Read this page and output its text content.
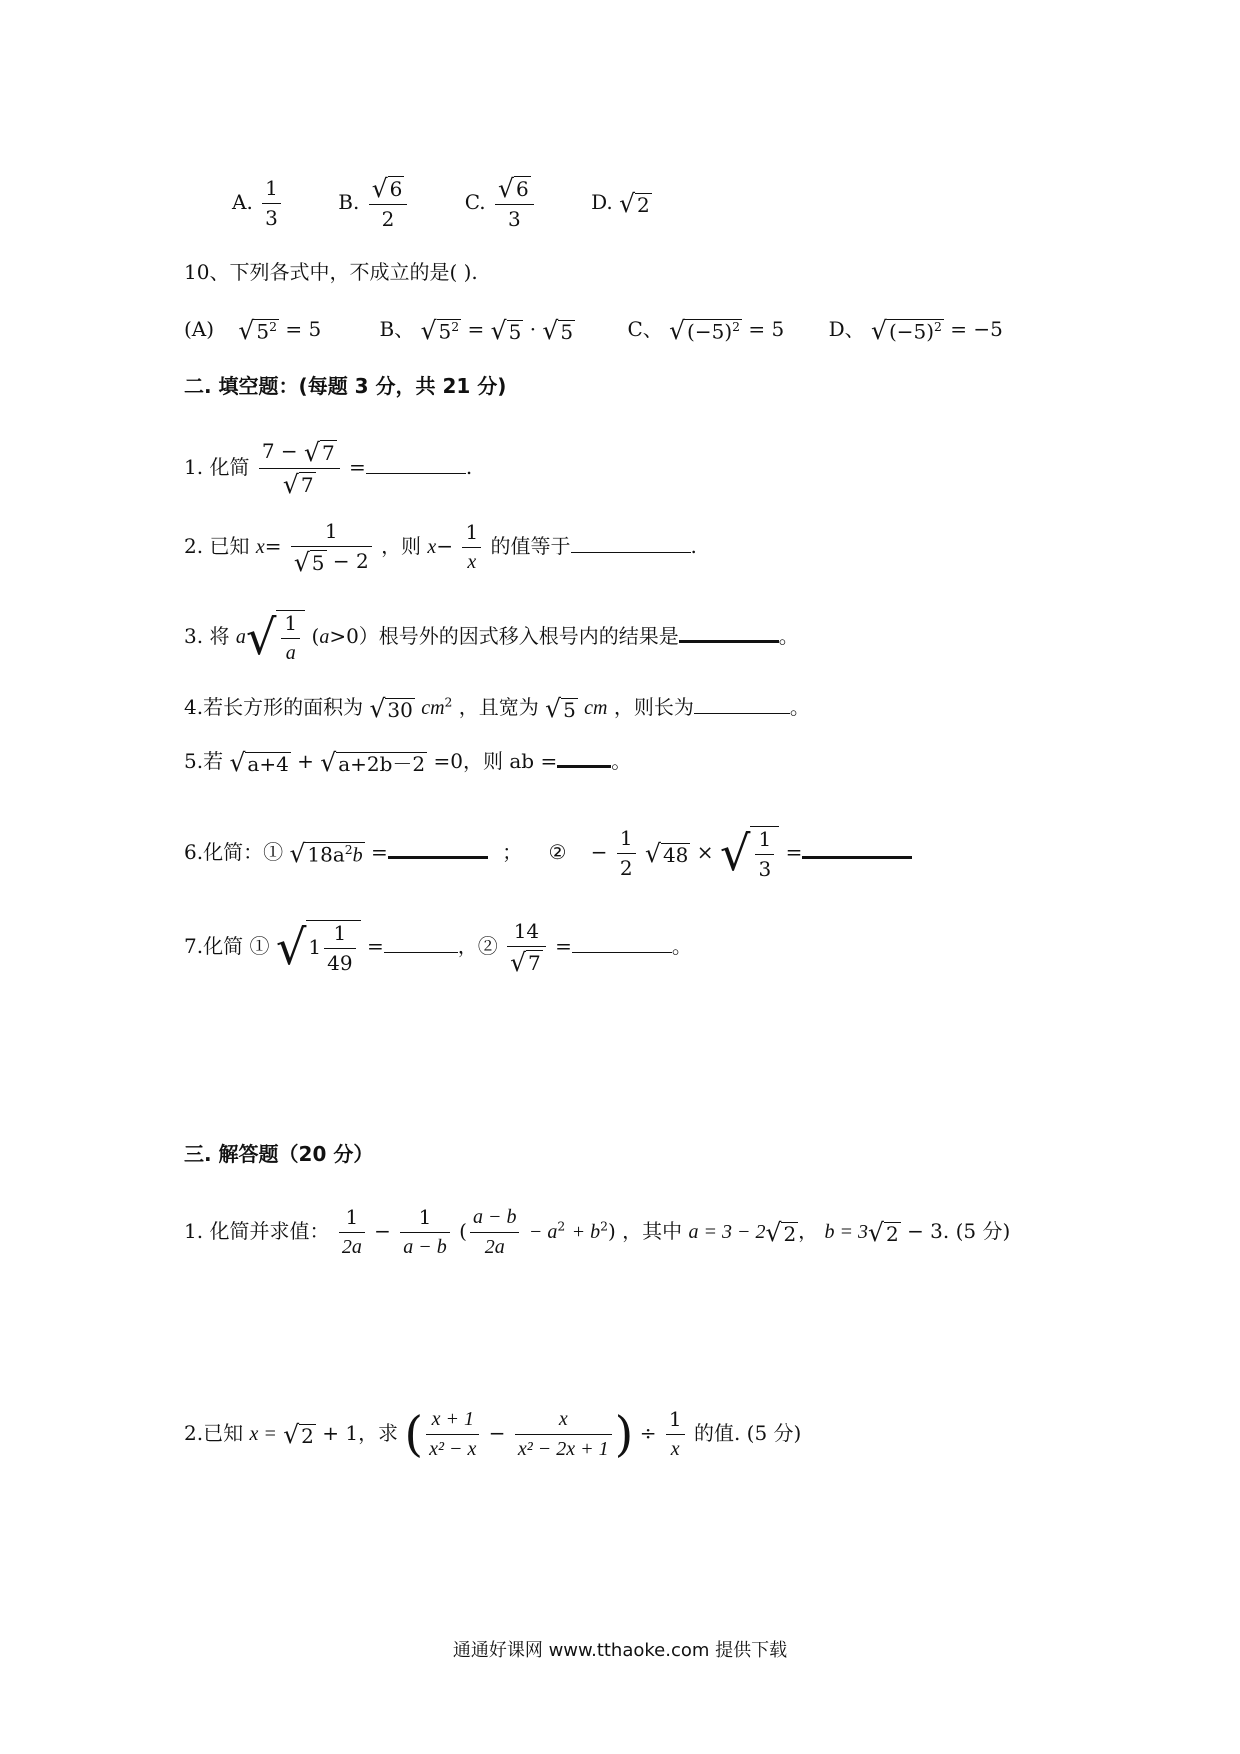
A. $\frac{1}{3}$	B. $\frac{√ 6}{2}$	C. $\frac{√ 6}{3}$	D. √ 2
10、下列各式中，不成立的是( ).
(A) √ $5^2 = 5$	B、 √ $5^2$ = √ 5 · √ 5	C、 √ $(-5)^2 = 5$ D、 √ $(-5)^2 = -5$
二. 填空题：(每题 3 分，共 21 分)
1. 化简 $\frac{7 - √ 7}{√ 7}$ =	.
2. 已知 $x= \frac{1}{√ 5 - 2}$ ，则 $x- \frac{1}{x}$ 的值等于	.
3. 将 $a√ \frac{1}{a} (a>0)$根号外的因式移入根号内的结果是	。
4.若长方形的面积为 √ 30 $cm^2$ ，且宽为 √ 5 cm ，则长为	。
5.若 √ a+4 + √ a+2b－2 =0，则 ab =	。
6.化简：① √ $18a^2b$ =	； ② − $\frac{1}{2}$ √ 48 × √ $\frac{1}{3}$ =
7.化简 ① √ $1 \frac{1}{49}$ =	，② $\frac{14}{√ 7}$ =	。
三. 解答题（20 分）
1. 化简并求值： $\frac{1}{2a} - \frac{1}{a - b}$ ( $\frac{a - b}{2a} - a^2 + b^2$) ，其中 a = 3 − 2√ 2 ， b = 3√ 2 − 3. (5 分)
2.已知 x = √ 2 + 1，求 ( $\frac{x + 1}{\text{x² − x}} - \frac{x}{\text{x² − 2x + 1}}$ ) ÷ $\frac{1}{x}$ 的值. (5 分)
通通好课网 www.tthaoke.com 提供下载
